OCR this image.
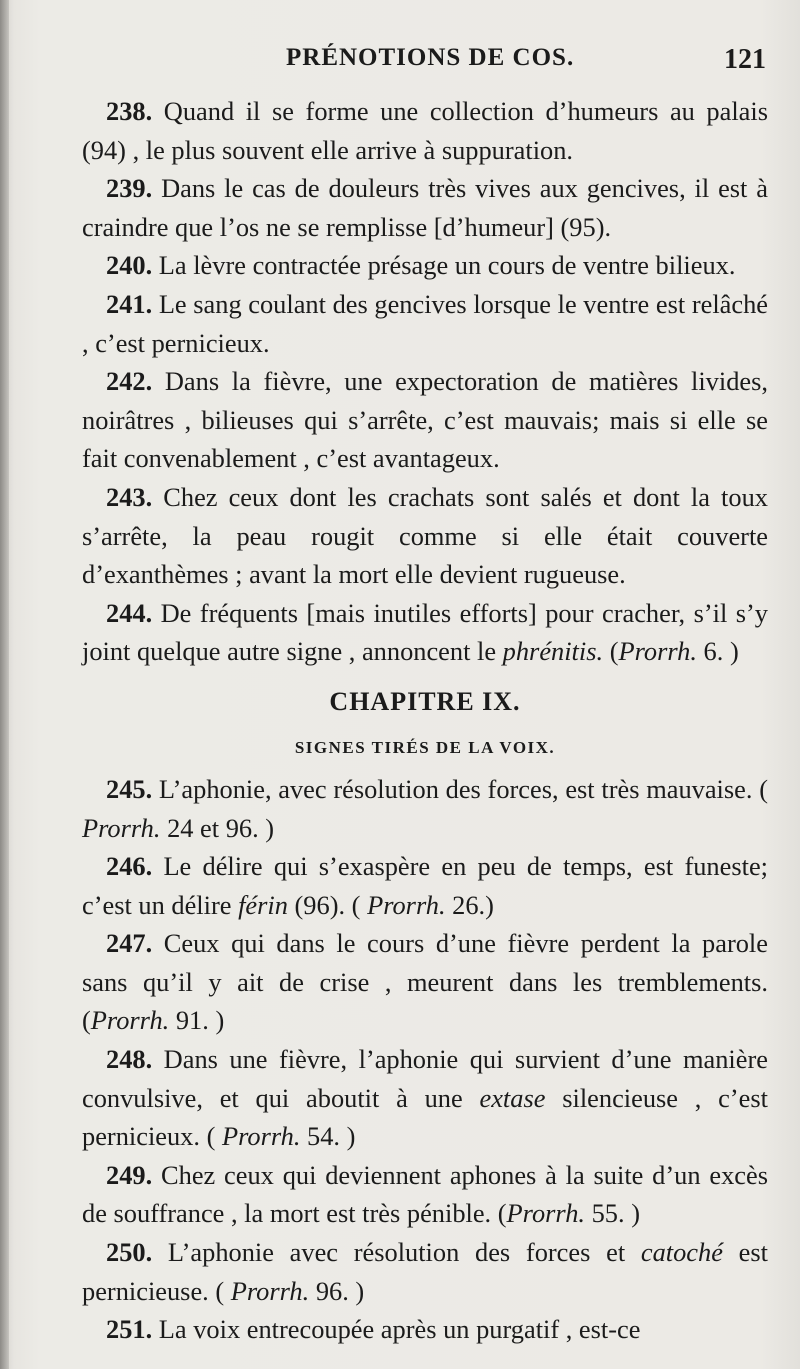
PRÉNOTIONS DE COS.	121

238. Quand il se forme une collection d’humeurs au palais (94) , le plus souvent elle arrive à suppuration.

239. Dans le cas de douleurs très vives aux gencives, il est à craindre que l’os ne se remplisse [d’humeur] (95).

240. La lèvre contractée présage un cours de ventre bilieux.

241. Le sang coulant des gencives lorsque le ventre est relâché , c’est pernicieux.

242. Dans la fièvre, une expectoration de matières livides, noirâtres , bilieuses qui s’arrête, c’est mauvais; mais si elle se fait convenablement , c’est avantageux.

243. Chez ceux dont les crachats sont salés et dont la toux s’arrête, la peau rougit comme si elle était couverte d’exanthèmes ; avant la mort elle devient rugueuse.

244. De fréquents [mais inutiles efforts] pour cracher, s’il s’y joint quelque autre signe , annoncent le phrénitis. (Prorrh. 6. )

CHAPITRE IX.
SIGNES TIRÉS DE LA VOIX.

245. L’aphonie, avec résolution des forces, est très mauvaise. ( Prorrh. 24 et 96. )

246. Le délire qui s’exaspère en peu de temps, est funeste; c’est un délire férin (96). ( Prorrh. 26.)

247. Ceux qui dans le cours d’une fièvre perdent la parole sans qu’il y ait de crise , meurent dans les tremblements. (Prorrh. 91. )

248. Dans une fièvre, l’aphonie qui survient d’une manière convulsive, et qui aboutit à une extase silencieuse , c’est pernicieux. ( Prorrh. 54. )

249. Chez ceux qui deviennent aphones à la suite d’un excès de souffrance , la mort est très pénible. (Prorrh. 55. )

250. L’aphonie avec résolution des forces et catoché est pernicieuse. ( Prorrh. 96. )

251. La voix entrecoupée après un purgatif , est-ce
